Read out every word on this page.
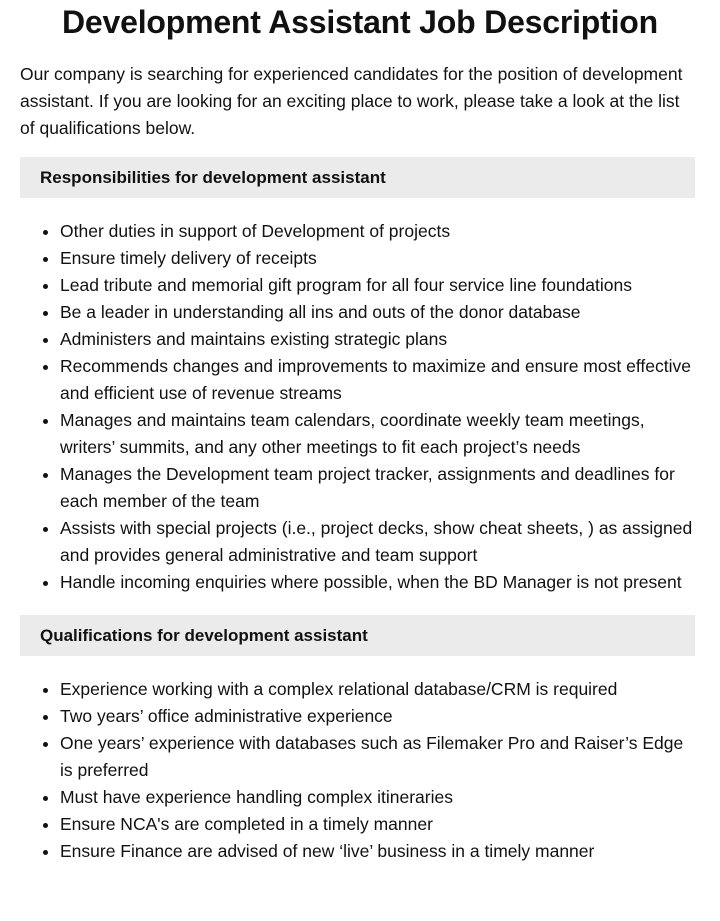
Development Assistant Job Description

Our company is searching for experienced candidates for the position of development assistant. If you are looking for an exciting place to work, please take a look at the list of qualifications below.

Responsibilities for development assistant
• Other duties in support of Development of projects
• Ensure timely delivery of receipts
• Lead tribute and memorial gift program for all four service line foundations
• Be a leader in understanding all ins and outs of the donor database
• Administers and maintains existing strategic plans
• Recommends changes and improvements to maximize and ensure most effective and efficient use of revenue streams
• Manages and maintains team calendars, coordinate weekly team meetings, writers’ summits, and any other meetings to fit each project’s needs
• Manages the Development team project tracker, assignments and deadlines for each member of the team
• Assists with special projects (i.e., project decks, show cheat sheets, ) as assigned and provides general administrative and team support
• Handle incoming enquiries where possible, when the BD Manager is not present
Qualifications for development assistant
• Experience working with a complex relational database/CRM is required
• Two years’ office administrative experience
• One years’ experience with databases such as Filemaker Pro and Raiser’s Edge is preferred
• Must have experience handling complex itineraries
• Ensure NCA's are completed in a timely manner
• Ensure Finance are advised of new ‘live’ business in a timely manner
